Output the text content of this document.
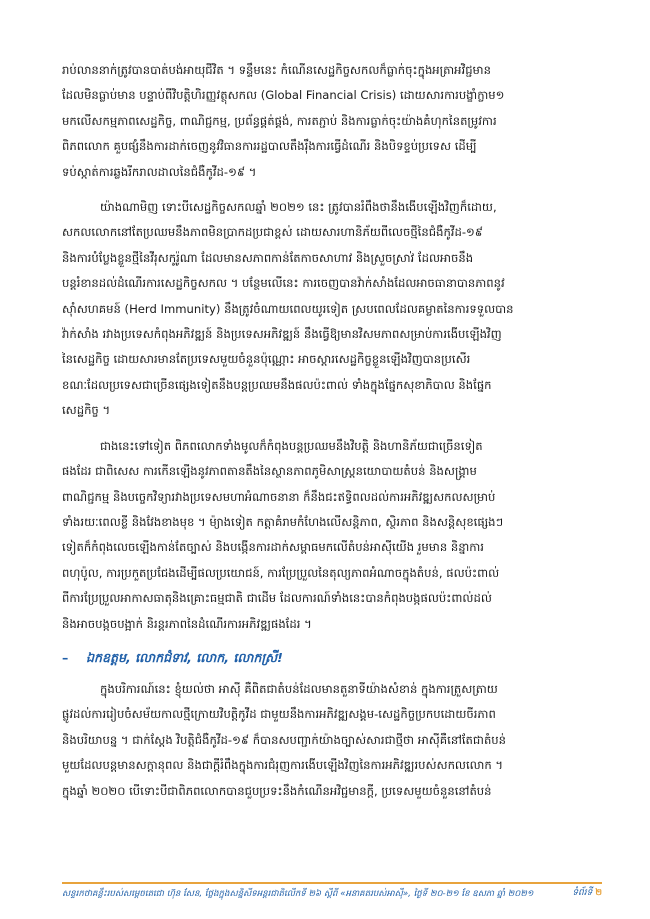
រាប់លាននាក់ត្រូវបានបាត់បង់អាយុជីវិត ។ ទន្ទឹមនេះ កំណើនសេដ្ឋកិច្ចសកលក៏ធ្លាក់ចុះក្នុងអត្រាអវិជ្ជមាន
ដែលមិនធ្លាប់មាន បន្ទាប់ពីវិបត្តិហិរញ្ញវត្ថុសកល (Global Financial Crisis) ដោយសារការបង្ខាំក្លាម១
មកលើសកម្មភាពសេដ្ឋកិច្ច, ពាណិជ្ជកម្ម, ប្រព័ន្ធផ្គត់ផ្គង់, ការតភ្ជាប់ និងការធ្លាក់ចុះយ៉ាងគំហុកនៃតម្រូវការ
ពិភពលោក គួបផ្សំនឹងការដាក់ចេញនូវវិធានការរដ្ឋបាលតឹងរ៉ឹងការធ្វើដំណើរ និងបិទខ្ទប់ប្រទេស ដើម្បី
ទប់ស្កាត់ការឆ្លងរីករាលដាលនៃជំងឺកូវីដ-១៩ ។

យ៉ាងណាមិញ ទោះបីសេដ្ឋកិច្ចសកលឆ្នាំ ២០២១ នេះ ត្រូវបានរំពឹងថានឹងងើបឡើងវិញក៏ដោយ,
សកលលោកនៅតែប្រឈមនឹងភាពមិនប្រាកដប្រជាខ្ពស់ ដោយសារហានិភ័យពីលេចថ្មីនៃជំងឺកូវីដ-១៩
និងការបំប្លែងខ្លួនថ្មីនៃវីរុសកូរ៉ូណា ដែលមានសភាពកាន់តែកាចសាហាវ និងស្រួចស្រាវ់ ដែលអាចនឹង
បន្តរំខានដល់ដំណើរការសេដ្ឋកិច្ចសកល ។ បន្ថែមលើនេះ ការចេញបានវ៉ាក់សាំងដែលអាចធានាបានភាពនូវ
ស៊ាំសហគមន៍ (Herd Immunity) នឹងត្រូវចំណាយពេលយូរទៀត ស្របពេលដែលគម្លាតនៃការទទួលបាន
វ៉ាក់សាំង រវាងប្រទេសកំពុងអភិវឌ្ឍន៍ និងប្រទេសអភិវឌ្ឍន៍ នឹងធ្វើឱ្យមានវិសមភាពសម្រាប់ការងើបឡើងវិញ
នៃសេដ្ឋកិច្ច ដោយសារមានតែប្រទេសមួយចំនួនប៉ុណ្ណោះ អាចស្ដារសេដ្ឋកិច្ចខ្លួនឡើងវិញបានប្រសើរ
ខណៈដែលប្រទេសជាច្រើនផ្សេងទៀតនឹងបន្តប្រឈមនឹងផលប៉ះពាល់ ទាំងក្នុងផ្នែកសុខាភិបាល និងផ្នែក
សេដ្ឋកិច្ច ។

ជាងនេះទៅទៀត ពិភពលោកទាំងមូលក៏កំពុងបន្តប្រឈមនឹងវិបត្តិ និងហានិភ័យជាច្រើនទៀត
ផងដែរ ជាពិសេស ការកើនឡើងនូវភាពតានតឹងនៃស្ថានភាពភូមិសាស្ត្រនយោបាយតំបន់ និងសង្គ្រាម
ពាណិជ្ជកម្ម និងបច្ចេកវិទ្យារវាងប្រទេសមហាអំណាចនានា ក៏នឹងជះឥទ្ធិពលដល់ការអភិវឌ្ឍសកលសម្រាប់
ទាំងរយៈពេលខ្លី និងវែងខាងមុខ ។ ម៉្យាងទៀត កត្តាគំរាមកំហែងលើសន្តិភាព, ស្ថិរភាព និងសន្តិសុខផ្សេងៗ
ទៀតក៏កំពុងលេចឡើងកាន់តែច្បាស់ និងបង្កើនការដាក់សម្ពាធមកលើតំបន់អាស៊ីយើង រួមមាន និន្នាការ
ពហុប៉ូល, ការប្រកួតប្រជែងដើម្បីផលប្រយោជន៍, ការប្រែប្រួលនៃតុល្យភាពអំណាចក្នុងតំបន់, ផលប៉ះពាល់
ពីការប្រែប្រួលអាកាសធាតុនិងគ្រោះធម្មជាតិ ជាដើម ដែលការណ៍ទាំងនេះបានកំពុងបង្កផលប៉ះពាល់ដល់
និងអាចបង្កចបង្អាក់ និរន្តរភាពនៃដំណើរការអភិវឌ្ឍផងដែរ ។

– ឯកឧត្តម, លោកជំទាវ, លោក, លោកស្រី!

ក្នុងបរិការណ៍នេះ ខ្ញុំយល់ថា អាស៊ី គឺពិតជាតំបន់ដែលមានតួនាទីយ៉ាងសំខាន់ ក្នុងការត្រួសត្រាយ
ផ្លូវដល់ការរៀបចំសម័យកាលថ្មីក្រោយវិបត្តិកូវីដ ជាមួយនឹងការអភិវឌ្ឍសង្គម-សេដ្ឋកិច្ចប្រកបដោយចីរភាព
និងបរិយាបន្ន ។ ជាក់ស្ដែង វិបត្តិជំងឺកូវីដ-១៩ ក៏បានសបញ្ជាក់យ៉ាងច្បាស់សារជាថ្មីថា អាស៊ីគឺនៅតែជាតំបន់
មួយដែលបន្តមានសក្ដានុពល និងជាក្ដីរំពឹងក្នុងការជំរុញការងើបឡើងវិញនៃការអភិវឌ្ឍរបស់សកលលោក ។
ក្នុងឆ្នាំ ២០២០ បើទោះបីជាពិភពលោកបានជួបប្រទះនឹងកំណើនអវិជ្ជមានក្ដី, ប្រទេសមួយចំនួននៅតំបន់

សន្ទរកថាគន្លឹះរបស់សម្ដេចតេជោ ហ៊ុន សែន, ថ្លែងក្នុងសន្និសីទអន្តរជាតិលើកទី ២៦ ស្ដីពី «អនាគតរបស់អាស៊ី», ថ្ងៃទី ២០-២១ ខែ ឧសភា ឆ្នាំ ២០២១	ទំព័រទី ២
